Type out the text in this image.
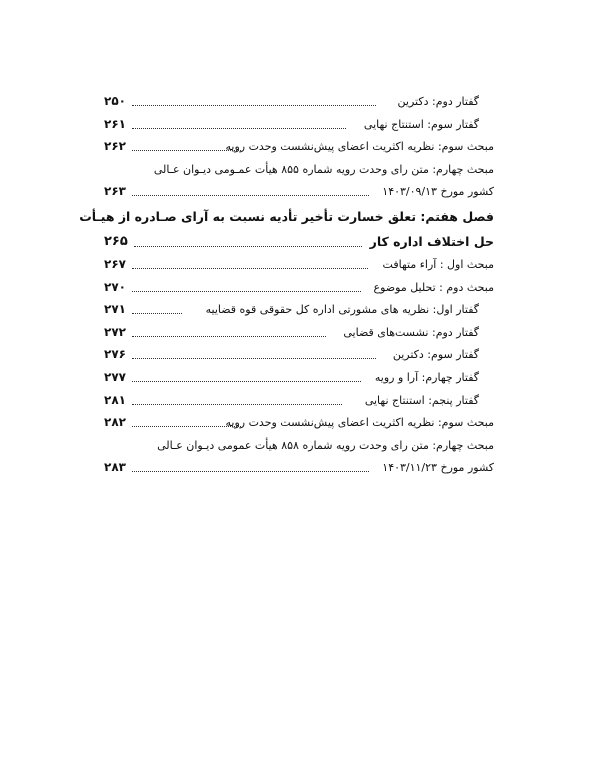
گفتار دوم: دکترین
۲۵۰
گفتار سوم: استنتاج نهایی
۲۶۱
مبحث سوم: نظریه اکثریت اعضای پیش‌نشست وحدت رویه
۲۶۲
مبحث چهارم: متن رای وحدت رویه شماره ۸۵۵ هیأت عمـومی دیـوان عـالی
کشور مورخ ۱۴۰۳/۰۹/۱۳
۲۶۳
فصل هفتم: تعلق خسارت تأخیر تأدیه نسبت به آرای صـادره از هیـأت
حل اختلاف اداره کار
۲۶۵
مبحث اول : آراء متهافت
۲۶۷
مبحث دوم : تحلیل موضوع
۲۷۰
گفتار اول: نظریه های مشورتی اداره کل حقوقی قوه قضاییه
۲۷۱
گفتار دوم: نشست‌های قضایی
۲۷۲
گفتار سوم: دکترین
۲۷۶
گفتار چهارم: آرا و رویه
۲۷۷
گفتار پنجم: استنتاج نهایی
۲۸۱
مبحث سوم: نظریه اکثریت اعضای پیش‌نشست وحدت رویه
۲۸۲
مبحث چهارم: متن رای وحدت رویه شماره ۸۵۸ هیأت عمومی دیـوان عـالی
کشور مورخ ۱۴۰۳/۱۱/۲۳
۲۸۳
